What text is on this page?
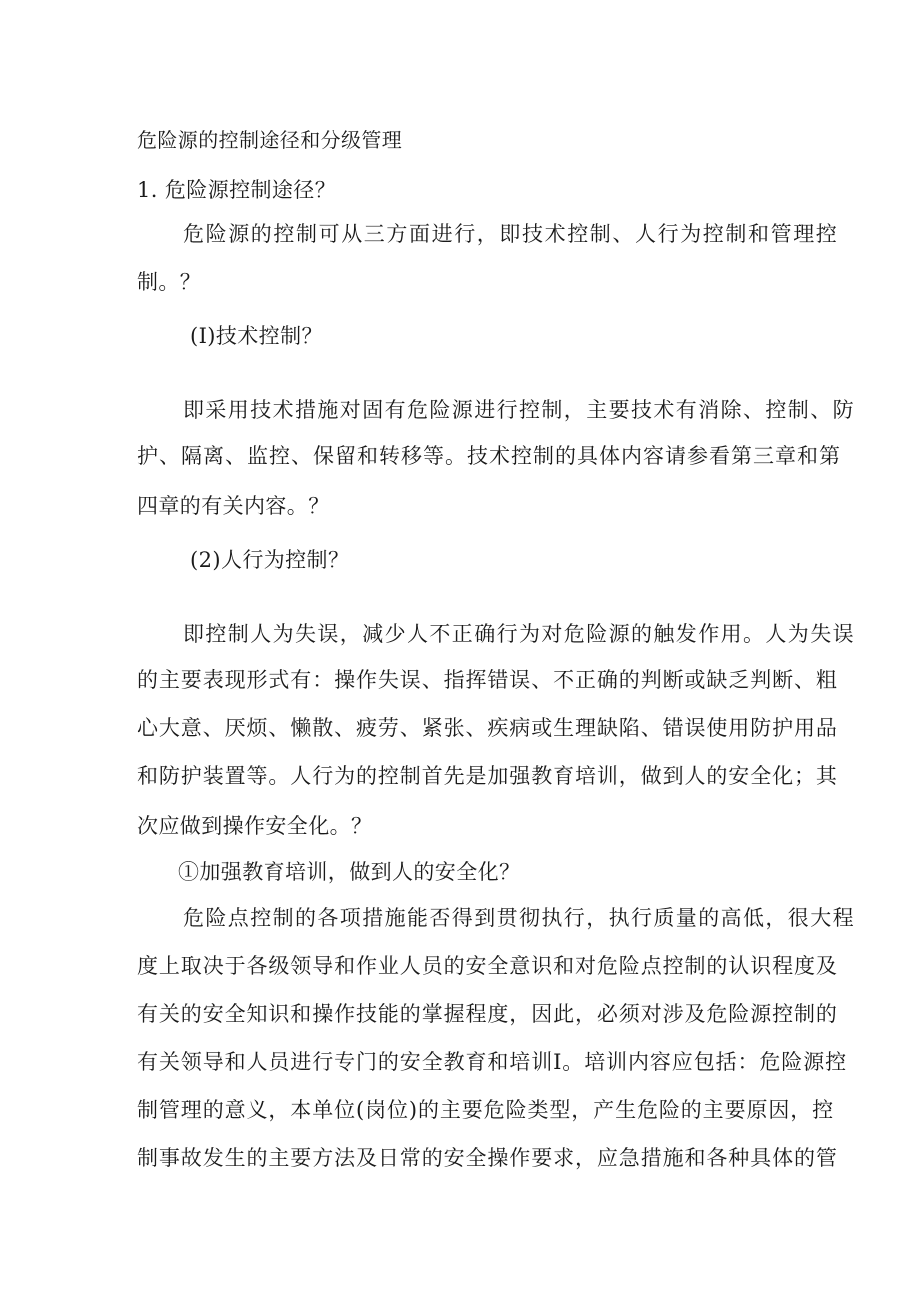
危险源的控制途径和分级管理
1. 危险源控制途径？
危险源的控制可从三方面进行，即技术控制、人行为控制和管理控
制。？
(I)技术控制？
即采用技术措施对固有危险源进行控制，主要技术有消除、控制、防
护、隔离、监控、保留和转移等。技术控制的具体内容请参看第三章和第
四章的有关内容。？
(2)人行为控制？
即控制人为失误，减少人不正确行为对危险源的触发作用。人为失误
的主要表现形式有：操作失误、指挥错误、不正确的判断或缺乏判断、粗
心大意、厌烦、懒散、疲劳、紧张、疾病或生理缺陷、错误使用防护用品
和防护装置等。人行为的控制首先是加强教育培训，做到人的安全化；其
次应做到操作安全化。？
①加强教育培训，做到人的安全化？
危险点控制的各项措施能否得到贯彻执行，执行质量的高低，很大程
度上取决于各级领导和作业人员的安全意识和对危险点控制的认识程度及
有关的安全知识和操作技能的掌握程度，因此，必须对涉及危险源控制的
有关领导和人员进行专门的安全教育和培训I。培训内容应包括：危险源控
制管理的意义，本单位(岗位)的主要危险类型，产生危险的主要原因，控
制事故发生的主要方法及日常的安全操作要求，应急措施和各种具体的管
